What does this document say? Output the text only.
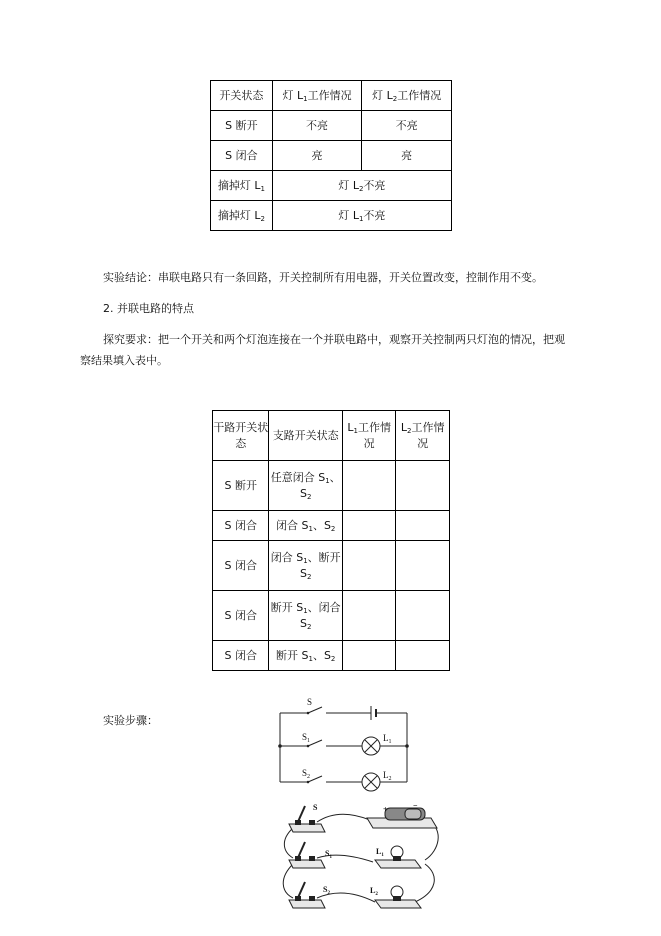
开关状态	灯 $L_1$工作情况	灯 $L_2$工作情况
S 断开	不亮	不亮
S 闭合	亮	亮
摘掉灯 $L_1$	灯 $L_2$不亮	
摘掉灯 $L_2$	灯 $L_1$不亮	
实验结论：串联电路只有一条回路，开关控制所有用电器，开关位置改变，控制作用不变。
2. 并联电路的特点
探究要求：把一个开关和两个灯泡连接在一个并联电路中，观察开关控制两只灯泡的情况，把观
察结果填入表中。
干路开关状态	支路开关状态	$L_1$工作情况	$L_2$工作情况
S 断开	任意闭合 $S_1$、
$S_2$		
S 闭合	闭合 $S_1$、$S_2$		
S 闭合	闭合 $S_1$、断开
$S_2$		
S 闭合	断开 $S_1$、闭合
$S_2$		
S 闭合	断开 $S_1$、$S_2$		
实验步骤：
S
$S_1$
$S_2$
$L_1$
$L_2$
S
$S_1$
$S_2$
$L_1$
$L_2$
+	−
